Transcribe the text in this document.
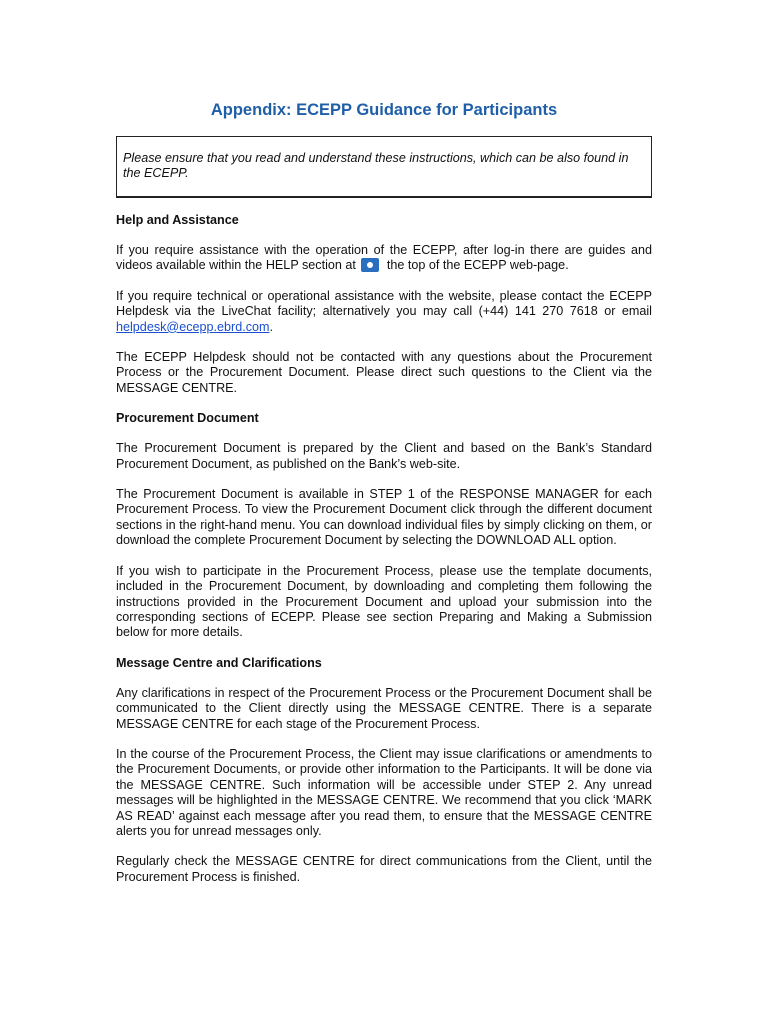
Appendix: ECEPP Guidance for Participants
Please ensure that you read and understand these instructions, which can be also found in the ECEPP.
Help and Assistance

If you require assistance with the operation of the ECEPP, after log-in there are guides and videos available within the HELP section at the top of the ECEPP web-page.

If you require technical or operational assistance with the website, please contact the ECEPP Helpdesk via the LiveChat facility; alternatively you may call (+44) 141 270 7618 or email helpdesk@ecepp.ebrd.com.

The ECEPP Helpdesk should not be contacted with any questions about the Procurement Process or the Procurement Document. Please direct such questions to the Client via the MESSAGE CENTRE.

Procurement Document

The Procurement Document is prepared by the Client and based on the Bank’s Standard Procurement Document, as published on the Bank’s web-site.

The Procurement Document is available in STEP 1 of the RESPONSE MANAGER for each Procurement Process. To view the Procurement Document click through the different document sections in the right-hand menu. You can download individual files by simply clicking on them, or download the complete Procurement Document by selecting the DOWNLOAD ALL option.

If you wish to participate in the Procurement Process, please use the template documents, included in the Procurement Document, by downloading and completing them following the instructions provided in the Procurement Document and upload your submission into the corresponding sections of ECEPP. Please see section Preparing and Making a Submission below for more details.

Message Centre and Clarifications

Any clarifications in respect of the Procurement Process or the Procurement Document shall be communicated to the Client directly using the MESSAGE CENTRE. There is a separate MESSAGE CENTRE for each stage of the Procurement Process.

In the course of the Procurement Process, the Client may issue clarifications or amendments to the Procurement Documents, or provide other information to the Participants. It will be done via the MESSAGE CENTRE. Such information will be accessible under STEP 2. Any unread messages will be highlighted in the MESSAGE CENTRE. We recommend that you click ‘MARK AS READ’ against each message after you read them, to ensure that the MESSAGE CENTRE alerts you for unread messages only.

Regularly check the MESSAGE CENTRE for direct communications from the Client, until the Procurement Process is finished.
